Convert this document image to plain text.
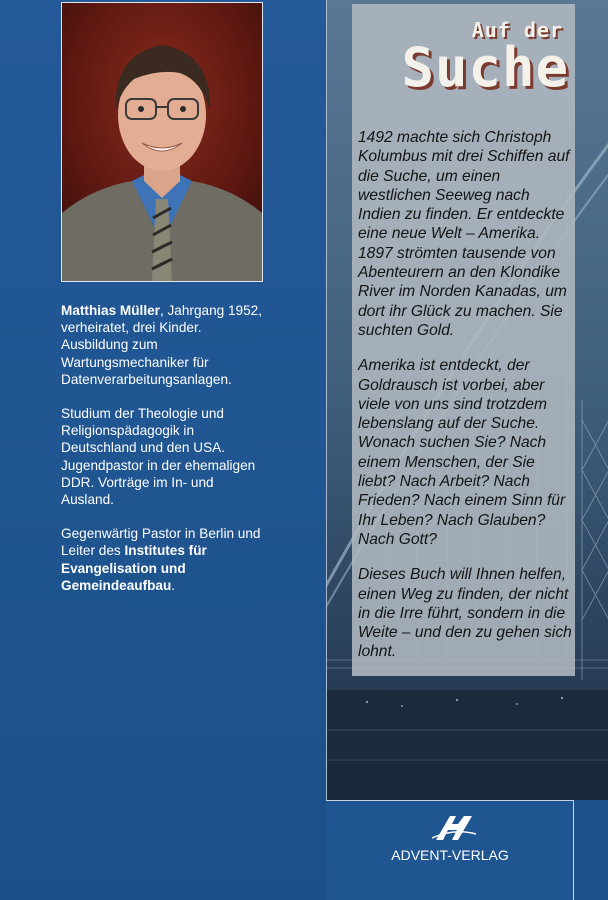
Auf der
Suche

1492 machte sich Christoph Kolumbus mit drei Schiffen auf die Suche, um einen westlichen Seeweg nach Indien zu finden. Er entdeckte eine neue Welt – Amerika. 1897 strömten tausende von Abenteurern an den Klondike River im Norden Kanadas, um dort ihr Glück zu machen. Sie suchten Gold.

Amerika ist entdeckt, der Goldrausch ist vorbei, aber viele von uns sind trotzdem lebenslang auf der Suche. Wonach suchen Sie? Nach einem Menschen, der Sie liebt? Nach Arbeit? Nach Frieden? Nach einem Sinn für Ihr Leben? Nach Glauben? Nach Gott?

Dieses Buch will Ihnen helfen, einen Weg zu finden, der nicht in die Irre führt, sondern in die Weite – und den zu gehen sich lohnt.

Matthias Müller, Jahrgang 1952, verheiratet, drei Kinder. Ausbildung zum Wartungsmechaniker für Datenverarbeitungsanlagen.

Studium der Theologie und Religionspädagogik in Deutschland und den USA. Jugendpastor in der ehemaligen DDR. Vorträge im In- und Ausland.

Gegenwärtig Pastor in Berlin und Leiter des Institutes für Evangelisation und Gemeindeaufbau.

ADVENT-VERLAG
